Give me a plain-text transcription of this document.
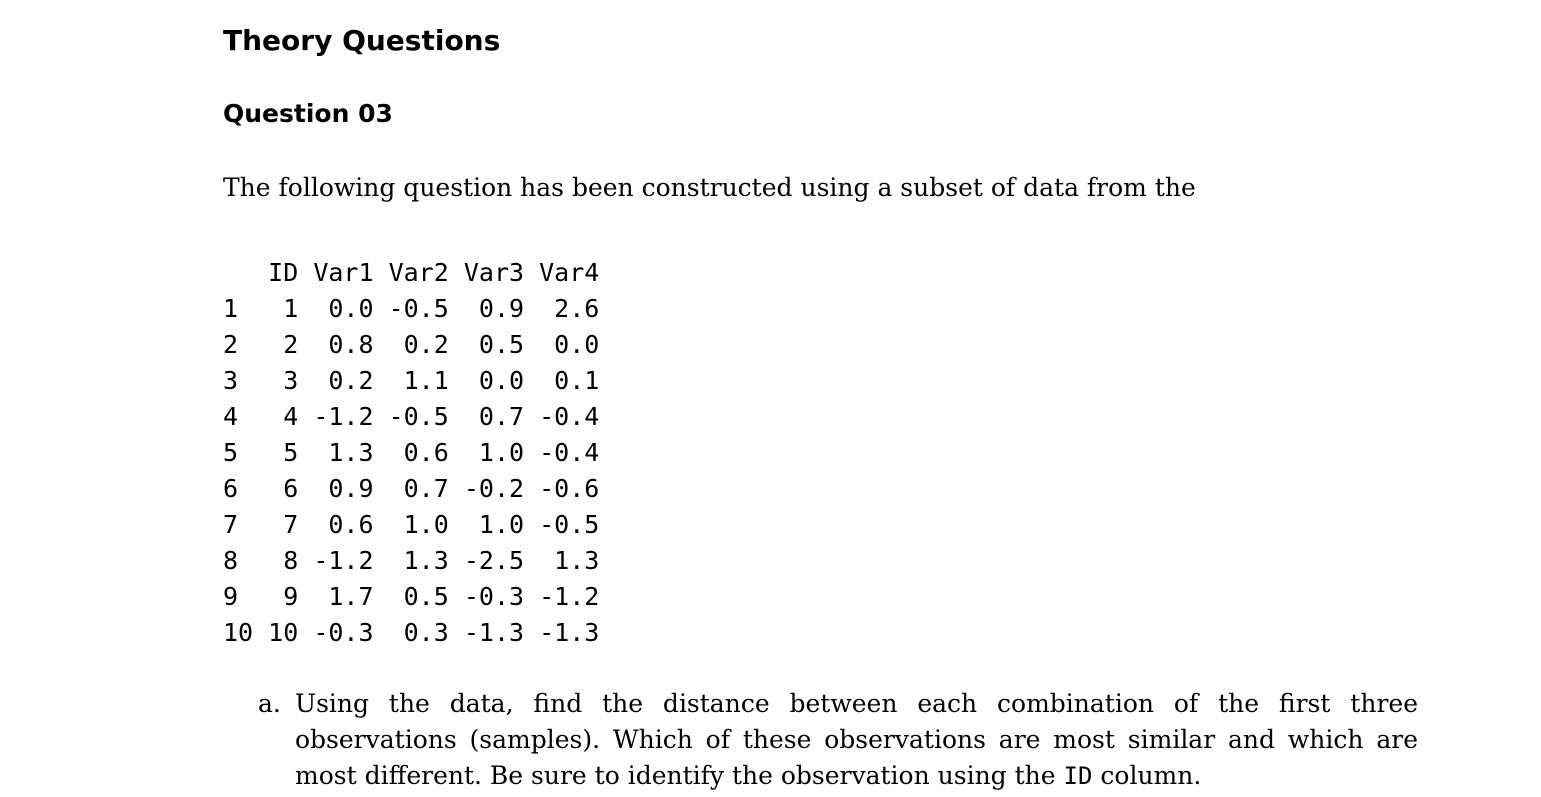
Theory Questions
Question 03

The following question has been constructed using a subset of data from the

ID Var1 Var2 Var3 Var4
1   1  0.0 -0.5  0.9  2.6
2   2  0.8  0.2  0.5  0.0
3   3  0.2  1.1  0.0  0.1
4   4 -1.2 -0.5  0.7 -0.4
5   5  1.3  0.6  1.0 -0.4
6   6  0.9  0.7 -0.2 -0.6
7   7  0.6  1.0  1.0 -0.5
8   8 -1.2  1.3 -2.5  1.3
9   9  1.7  0.5 -0.3 -1.2
10 10 -0.3  0.3 -1.3 -1.3
a. Using the data, find the distance between each combination of the first three observations (samples). Which of these observations are most similar and which are most different. Be sure to identify the observation using the ID column.
